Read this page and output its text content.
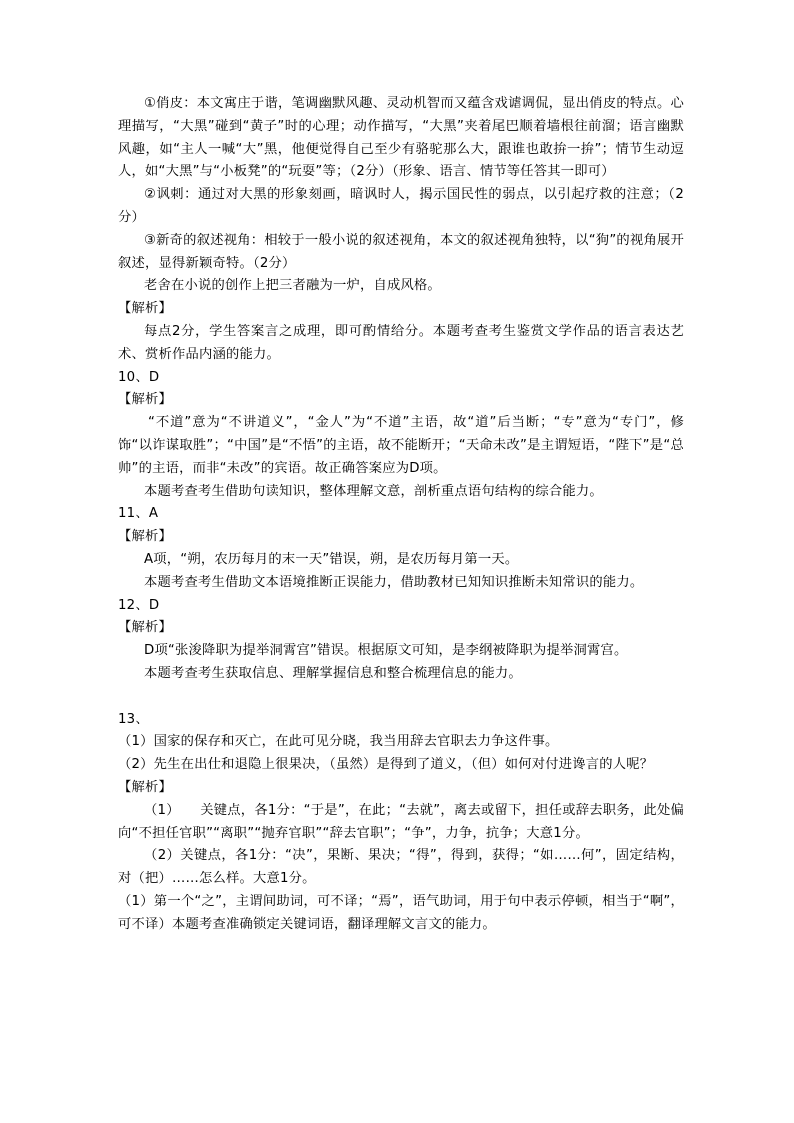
①俏皮：本文寓庄于谐，笔调幽默风趣、灵动机智而又蕴含戏谑调侃，显出俏皮的特点。心理描写，“大黑”碰到“黄子”时的心理；动作描写，“大黑”夹着尾巴顺着墙根往前溜；语言幽默风趣，如“主人一喊“大”黑，他便觉得自己至少有骆驼那么大，跟谁也敢拚一拚”；情节生动逗人，如“大黑”与“小板凳”的“玩耍”等；（2分）（形象、语言、情节等任答其一即可）

②讽刺：通过对大黑的形象刻画，暗讽时人，揭示国民性的弱点，以引起疗救的注意；（2分）

③新奇的叙述视角：相较于一般小说的叙述视角，本文的叙述视角独特，以“狗”的视角展开叙述，显得新颖奇特。（2分）

老舍在小说的创作上把三者融为一炉，自成风格。

【解析】

每点2分，学生答案言之成理，即可酌情给分。本题考查考生鉴赏文学作品的语言表达艺术、赏析作品内涵的能力。

10、D

【解析】

“不道”意为“不讲道义”，“金人”为“不道”主语，故“道”后当断；“专”意为“专门”，修饰“以诈谋取胜”；“中国”是“不悟”的主语，故不能断开；“天命未改”是主谓短语，“陛下”是“总帅”的主语，而非“未改”的宾语。故正确答案应为D项。

本题考查考生借助句读知识，整体理解文意，剖析重点语句结构的综合能力。

11、A

【解析】

A项，“朔，农历每月的末一天”错误，朔，是农历每月第一天。

本题考查考生借助文本语境推断正误能力，借助教材已知知识推断未知常识的能力。

12、D

【解析】

D项“张浚降职为提举洞霄宫”错误。根据原文可知，是李纲被降职为提举洞霄宫。

本题考查考生获取信息、理解掌握信息和整合梳理信息的能力。

13、

（1）国家的保存和灭亡，在此可见分晓，我当用辞去官职去力争这件事。

（2）先生在出仕和退隐上很果决，（虽然）是得到了道义，（但）如何对付进谗言的人呢？

【解析】

（1）　　关键点，各1分：“于是”，在此；“去就”，离去或留下，担任或辞去职务，此处偏向“不担任官职”“离职”“抛弃官职”“辞去官职”；“争”，力争，抗争；大意1分。

（2）关键点，各1分：“决”，果断、果决；“得”，得到，获得；“如……何”，固定结构，对（把）……怎么样。大意1分。

（1）第一个“之”，主谓间助词，可不译；“焉”，语气助词，用于句中表示停顿，相当于“啊”，可不译）本题考查准确锁定关键词语，翻译理解文言文的能力。
